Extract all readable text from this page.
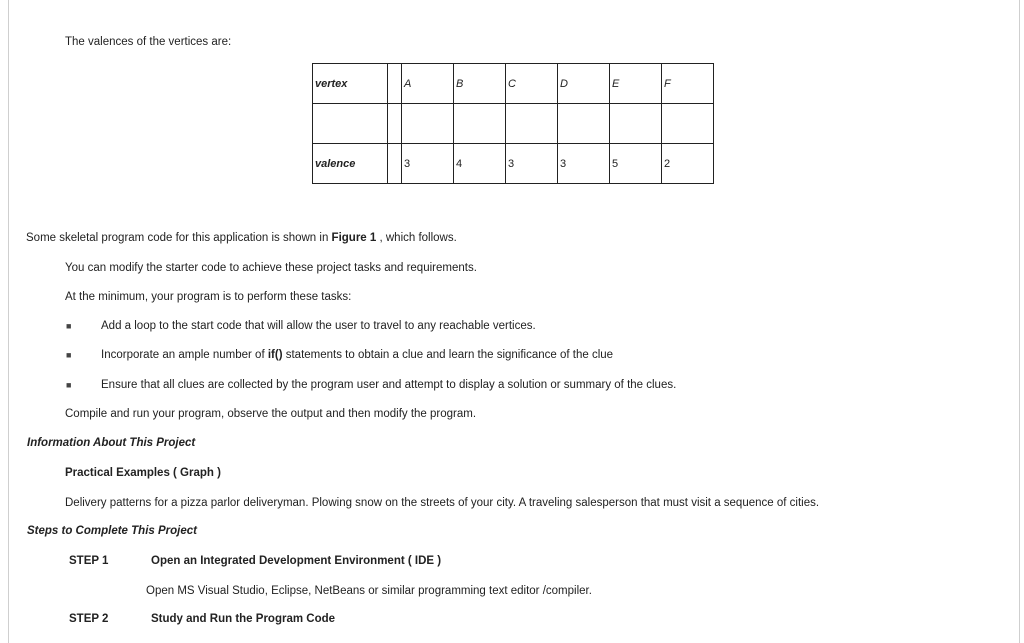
The valences of the vertices are:
vertex		A	B	C	D	E	F

valence		3	4	3	3	5	2
Some skeletal program code for this application is shown in Figure 1 , which follows.
You can modify the starter code to achieve these project tasks and requirements.
At the minimum, your program is to perform these tasks:
■	Add a loop to the start code that will allow the user to travel to any reachable vertices.
■	Incorporate an ample number of if() statements to obtain a clue and learn the significance of the clue
■	Ensure that all clues are collected by the program user and attempt to display a solution or summary of the clues.
Compile and run your program, observe the output and then modify the program.
Information About This Project
Practical Examples ( Graph )
Delivery patterns for a pizza parlor deliveryman. Plowing snow on the streets of your city. A traveling salesperson that must visit a sequence of cities.
Steps to Complete This Project
STEP 1	Open an Integrated Development Environment ( IDE )
Open MS Visual Studio, Eclipse, NetBeans or similar programming text editor /compiler.
STEP 2	Study and Run the Program Code
